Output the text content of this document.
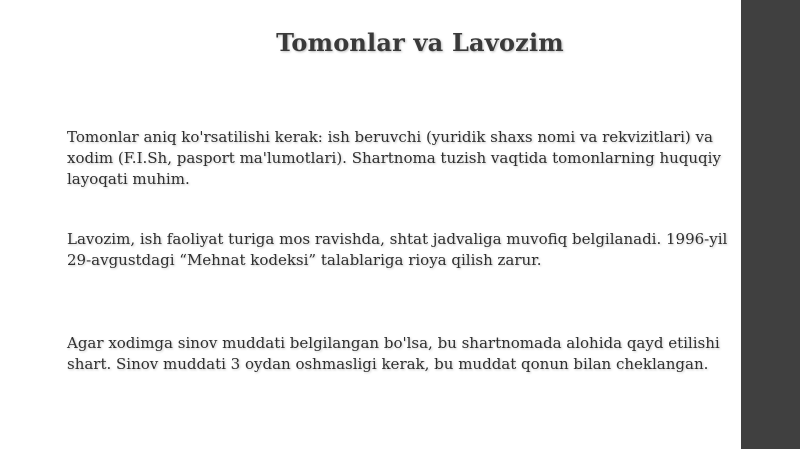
Tomonlar va Lavozim

Tomonlar aniq ko'rsatilishi kerak: ish beruvchi (yuridik shaxs nomi va rekvizitlari) va xodim (F.I.Sh, pasport ma'lumotlari). Shartnoma tuzish vaqtida tomonlarning huquqiy layoqati muhim.

Lavozim, ish faoliyat turiga mos ravishda, shtat jadvaliga muvofiq belgilanadi. 1996-yil 29-avgustdagi “Mehnat kodeksi” talablariga rioya qilish zarur.

Agar xodimga sinov muddati belgilangan bo'lsa, bu shartnomada alohida qayd etilishi shart. Sinov muddati 3 oydan oshmasligi kerak, bu muddat qonun bilan cheklangan.
